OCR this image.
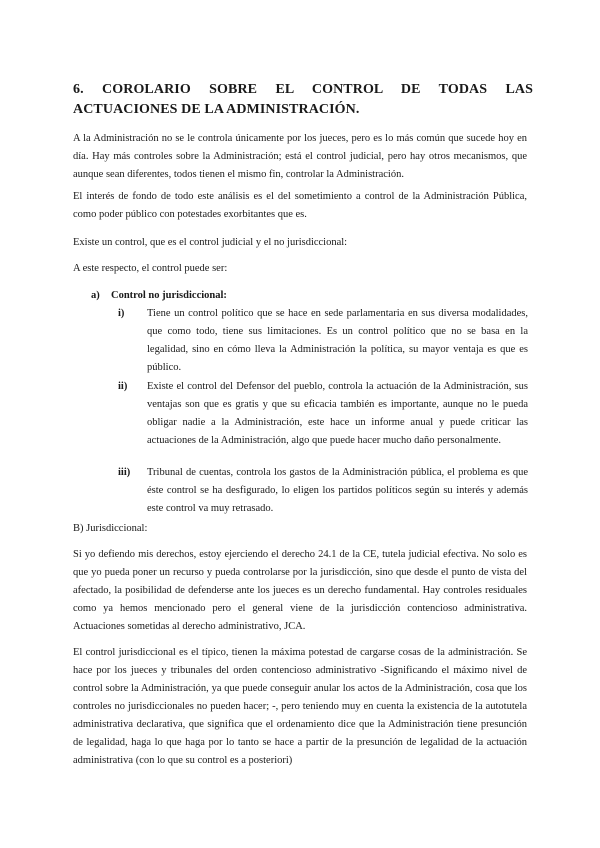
6. COROLARIO SOBRE EL CONTROL DE TODAS LAS ACTUACIONES DE LA ADMINISTRACIÓN.
A la Administración no se le controla únicamente por los jueces, pero es lo más común que sucede hoy en día. Hay más controles sobre la Administración; está el control judicial, pero hay otros mecanismos, que aunque sean diferentes, todos tienen el mismo fin, controlar la Administración.
El interés de fondo de todo este análisis es el del sometimiento a control de la Administración Pública, como poder público con potestades exorbitantes que es.
Existe un control, que es el control judicial y el no jurisdiccional:
A este respecto, el control puede ser:
a) Control no jurisdiccional:
i) Tiene un control político que se hace en sede parlamentaria en sus diversa modalidades, que como todo, tiene sus limitaciones. Es un control político que no se basa en la legalidad, sino en cómo lleva la Administración la política, su mayor ventaja es que es público.
ii) Existe el control del Defensor del pueblo, controla la actuación de la Administración, sus ventajas son que es gratis y que su eficacia también es importante, aunque no le pueda obligar nadie a la Administración, este hace un informe anual y puede criticar las actuaciones de la Administración, algo que puede hacer mucho daño personalmente.
iii) Tribunal de cuentas, controla los gastos de la Administración pública, el problema es que éste control se ha desfigurado, lo eligen los partidos políticos según su interés y además este control va muy retrasado.
B) Jurisdiccional:
Si yo defiendo mis derechos, estoy ejerciendo el derecho 24.1 de la CE, tutela judicial efectiva. No solo es que yo pueda poner un recurso y pueda controlarse por la jurisdicción, sino que desde el punto de vista del afectado, la posibilidad de defenderse ante los jueces es un derecho fundamental. Hay controles residuales como ya hemos mencionado pero el general viene de la jurisdicción contencioso administrativa. Actuaciones sometidas al derecho administrativo, JCA.
El control jurisdiccional es el típico, tienen la máxima potestad de cargarse cosas de la administración. Se hace por los jueces y tribunales del orden contencioso administrativo -Significando el máximo nivel de control sobre la Administración, ya que puede conseguir anular los actos de la Administración, cosa que los controles no jurisdiccionales no pueden hacer; -, pero teniendo muy en cuenta la existencia de la autotutela administrativa declarativa, que significa que el ordenamiento dice que la Administración tiene presunción de legalidad, haga lo que haga por lo tanto se hace a partir de la presunción de legalidad de la actuación administrativa (con lo que su control es a posteriori)
